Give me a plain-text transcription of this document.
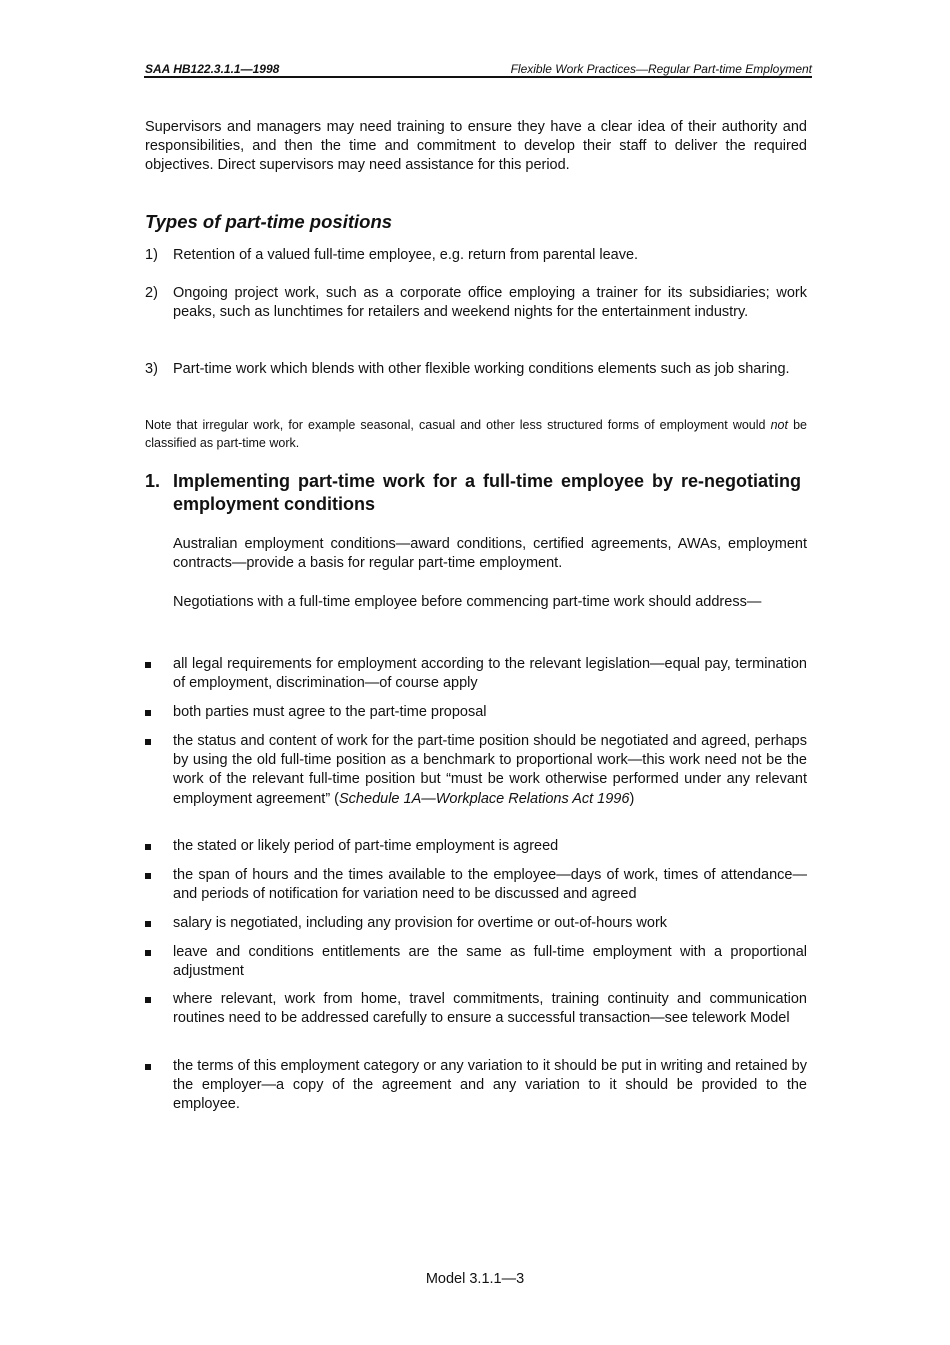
SAA HB122.3.1.1—1998	Flexible Work Practices—Regular Part-time Employment

Supervisors and managers may need training to ensure they have a clear idea of their authority and responsibilities, and then the time and commitment to develop their staff to deliver the required objectives. Direct supervisors may need assistance for this period.

Types of part-time positions
1) Retention of a valued full-time employee, e.g. return from parental leave.
2) Ongoing project work, such as a corporate office employing a trainer for its subsidiaries; work peaks, such as lunchtimes for retailers and weekend nights for the entertainment industry.
3) Part-time work which blends with other flexible working conditions elements such as job sharing.

Note that irregular work, for example seasonal, casual and other less structured forms of employment would not be classified as part-time work.

1. Implementing part-time work for a full-time employee by re-negotiating employment conditions

Australian employment conditions—award conditions, certified agreements, AWAs, employment contracts—provide a basis for regular part-time employment.

Negotiations with a full-time employee before commencing part-time work should address—

all legal requirements for employment according to the relevant legislation—equal pay, termination of employment, discrimination—of course apply
both parties must agree to the part-time proposal
the status and content of work for the part-time position should be negotiated and agreed, perhaps by using the old full-time position as a benchmark to proportional work—this work need not be the work of the relevant full-time position but “must be work otherwise performed under any relevant employment agreement” (Schedule 1A—Workplace Relations Act 1996)
the stated or likely period of part-time employment is agreed
the span of hours and the times available to the employee—days of work, times of attendance—and periods of notification for variation need to be discussed and agreed
salary is negotiated, including any provision for overtime or out-of-hours work
leave and conditions entitlements are the same as full-time employment with a proportional adjustment
where relevant, work from home, travel commitments, training continuity and communication routines need to be addressed carefully to ensure a successful transaction—see telework Model
the terms of this employment category or any variation to it should be put in writing and retained by the employer—a copy of the agreement and any variation to it should be provided to the employee.
Model 3.1.1—3
